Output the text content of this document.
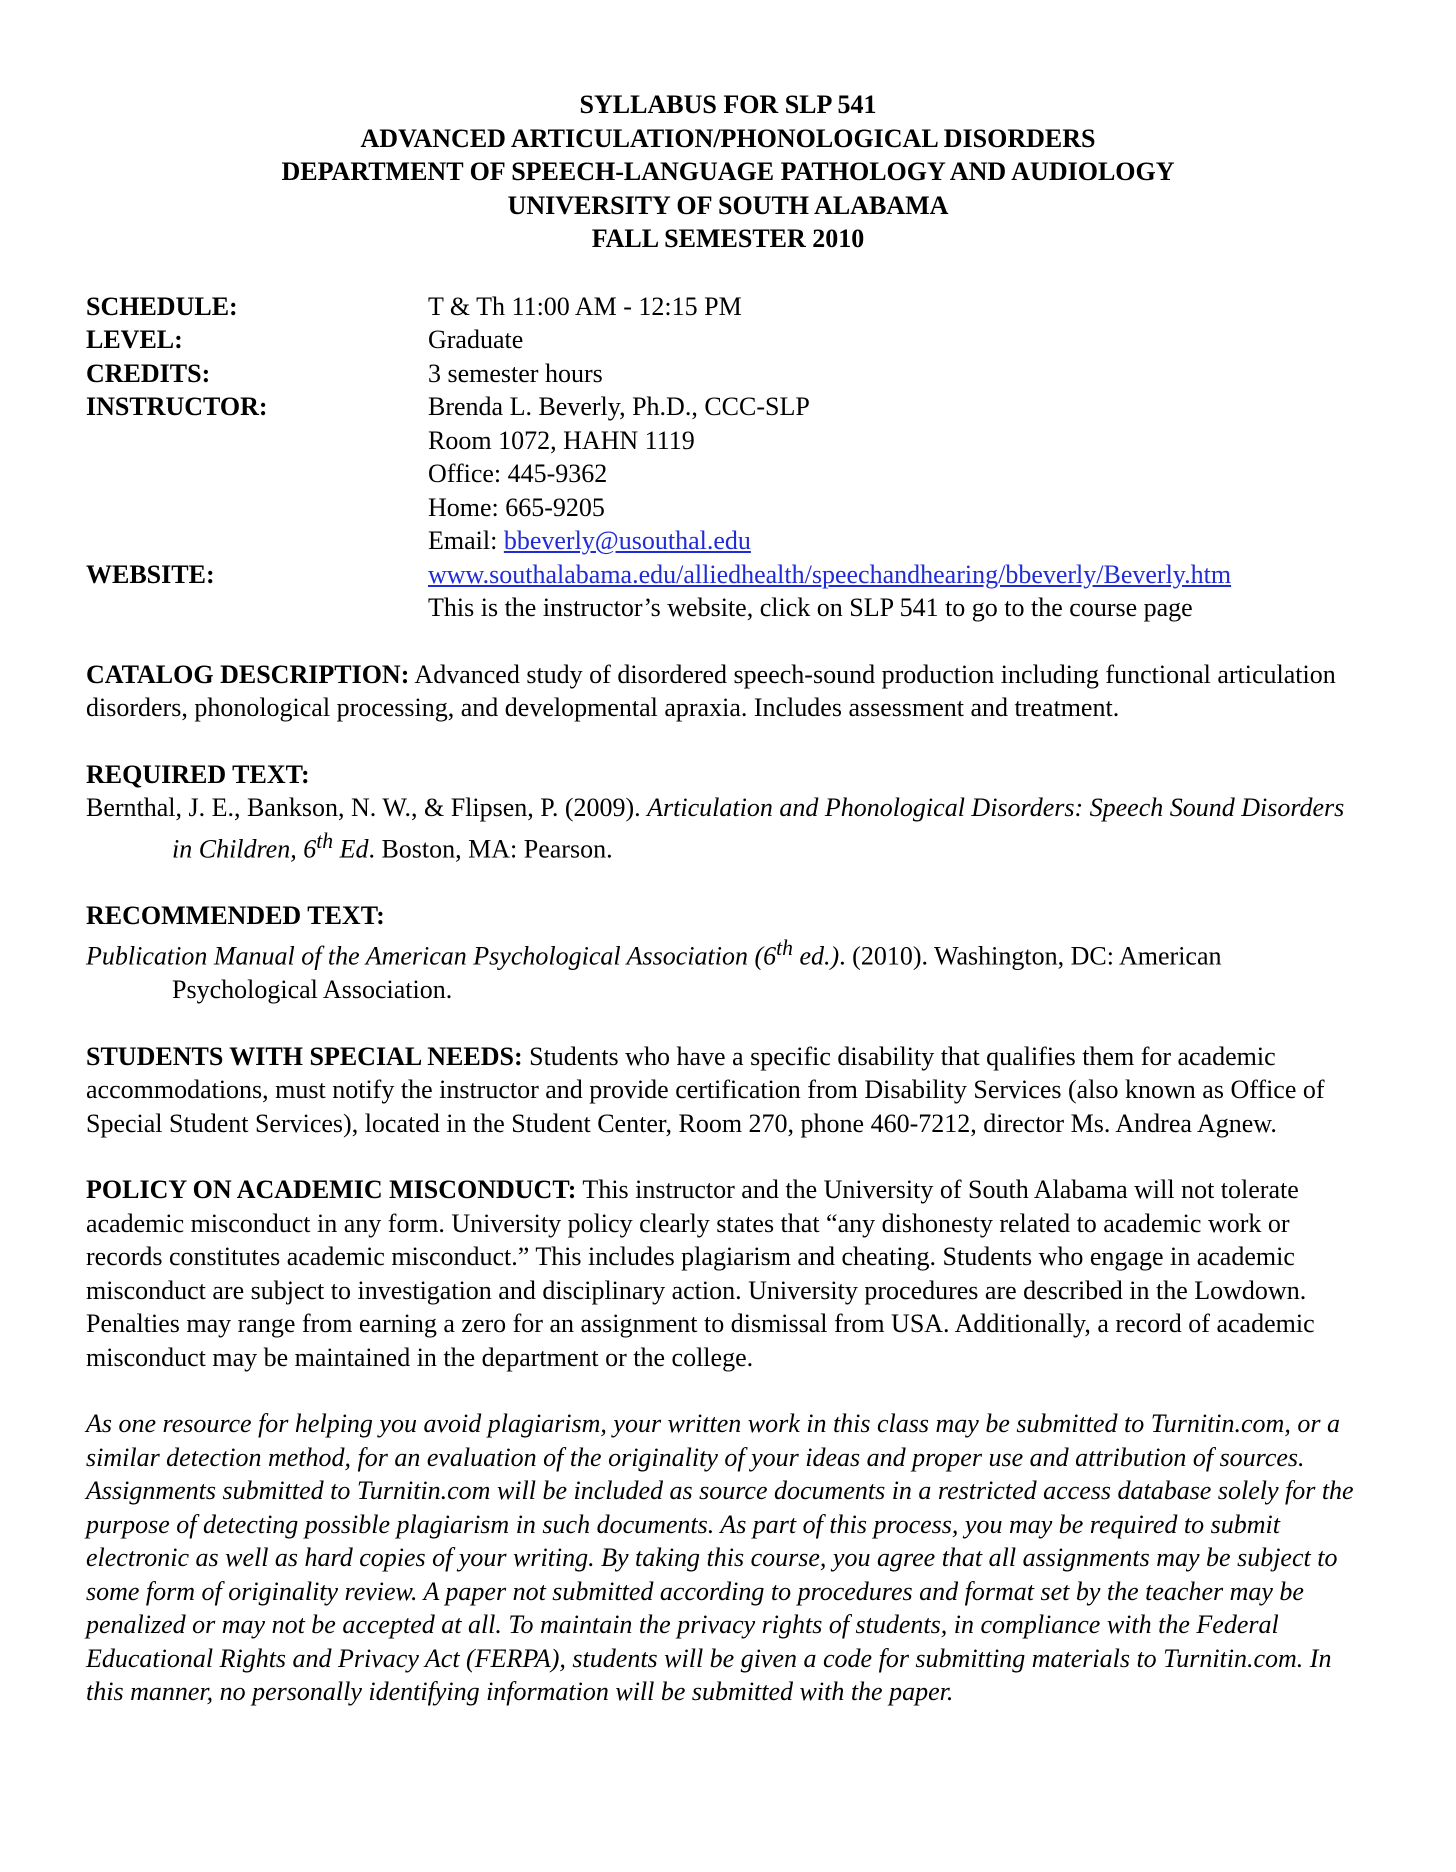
SYLLABUS FOR SLP 541
ADVANCED ARTICULATION/PHONOLOGICAL DISORDERS
DEPARTMENT OF SPEECH-LANGUAGE PATHOLOGY AND AUDIOLOGY
UNIVERSITY OF SOUTH ALABAMA
FALL SEMESTER 2010
SCHEDULE:	T & Th 11:00 AM - 12:15 PM
LEVEL:	Graduate
CREDITS:	3 semester hours
INSTRUCTOR:	Brenda L. Beverly, Ph.D., CCC-SLP
Room 1072, HAHN 1119
Office: 445-9362
Home: 665-9205
Email: bbeverly@usouthal.edu

WEBSITE:	www.southalabama.edu/alliedhealth/speechandhearing/bbeverly/Beverly.htm
This is the instructor’s website, click on SLP 541 to go to the course page
CATALOG DESCRIPTION: Advanced study of disordered speech-sound production including functional articulation disorders, phonological processing, and developmental apraxia. Includes assessment and treatment.
REQUIRED TEXT:
Bernthal, J. E., Bankson, N. W., & Flipsen, P. (2009). Articulation and Phonological Disorders: Speech Sound Disorders in Children, 6th Ed. Boston, MA: Pearson.
RECOMMENDED TEXT:
Publication Manual of the American Psychological Association (6th ed.). (2010). Washington, DC: American Psychological Association.
STUDENTS WITH SPECIAL NEEDS: Students who have a specific disability that qualifies them for academic accommodations, must notify the instructor and provide certification from Disability Services (also known as Office of Special Student Services), located in the Student Center, Room 270, phone 460-7212, director Ms. Andrea Agnew.
POLICY ON ACADEMIC MISCONDUCT: This instructor and the University of South Alabama will not tolerate academic misconduct in any form. University policy clearly states that “any dishonesty related to academic work or records constitutes academic misconduct.” This includes plagiarism and cheating. Students who engage in academic misconduct are subject to investigation and disciplinary action. University procedures are described in the Lowdown. Penalties may range from earning a zero for an assignment to dismissal from USA. Additionally, a record of academic misconduct may be maintained in the department or the college.
As one resource for helping you avoid plagiarism, your written work in this class may be submitted to Turnitin.com, or a similar detection method, for an evaluation of the originality of your ideas and proper use and attribution of sources. Assignments submitted to Turnitin.com will be included as source documents in a restricted access database solely for the purpose of detecting possible plagiarism in such documents. As part of this process, you may be required to submit electronic as well as hard copies of your writing. By taking this course, you agree that all assignments may be subject to some form of originality review. A paper not submitted according to procedures and format set by the teacher may be penalized or may not be accepted at all. To maintain the privacy rights of students, in compliance with the Federal Educational Rights and Privacy Act (FERPA), students will be given a code for submitting materials to Turnitin.com. In this manner, no personally identifying information will be submitted with the paper.
